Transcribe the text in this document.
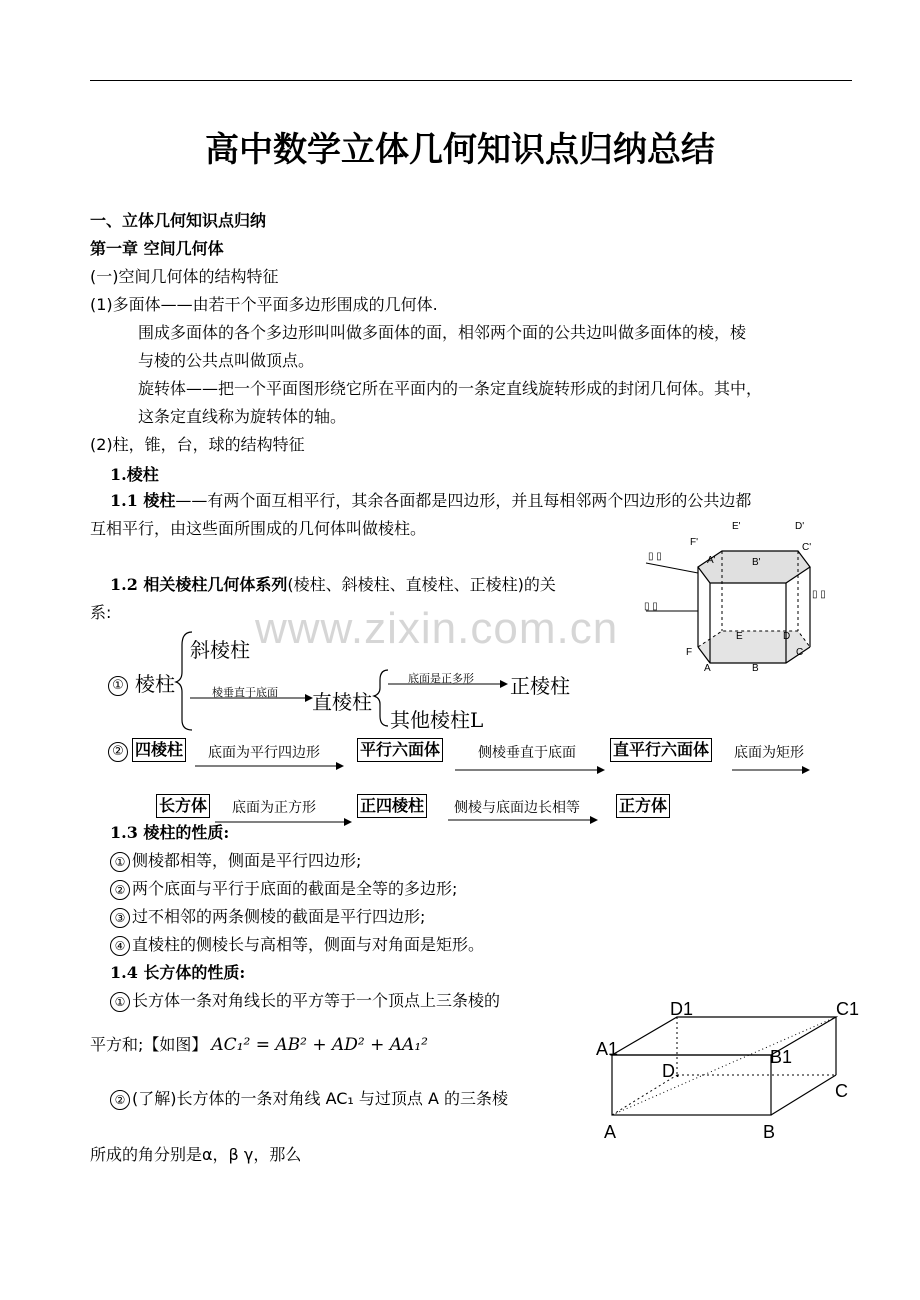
高中数学立体几何知识点归纳总结
一、立体几何知识点归纳
第一章 空间几何体
(一)空间几何体的结构特征
(1)多面体——由若干个平面多边形围成的几何体.
围成多面体的各个多边形叫叫做多面体的面，相邻两个面的公共边叫做多面体的棱，棱
与棱的公共点叫做顶点。
旋转体——把一个平面图形绕它所在平面内的一条定直线旋转形成的封闭几何体。其中，
这条定直线称为旋转体的轴。
(2)柱，锥，台，球的结构特征
1.棱柱
1.1 棱柱——有两个面互相平行，其余各面都是四边形，并且每相邻两个四边形的公共边都
互相平行，由这些面所围成的几何体叫做棱柱。
1.2 相关棱柱几何体系列(棱柱、斜棱柱、直棱柱、正棱柱)的关
系:	www.zixin.com.cn
① 棱柱
斜棱柱
棱垂直于底面 直棱柱
底面是正多形 正棱柱
其他棱柱L
② 四棱柱 底面为平行四边形	平行六面体	侧棱垂直于底面 直平行六面体 底面为矩形
长方体 底面为正方形	正四棱柱 侧棱与底面边长相等 正方体
1.3 棱柱的性质:
① 侧棱都相等，侧面是平行四边形;
② 两个底面与平行于底面的截面是全等的多边形;
③ 过不相邻的两条侧棱的截面是平行四边形;
④ 直棱柱的侧棱长与高相等，侧面与对角面是矩形。
1.4 长方体的性质:
① 长方体一条对角线长的平方等于一个顶点上三条棱的
平方和;【如图】 AC₁² = AB² + AD² + AA₁²
② (了解)长方体的一条对角线 AC₁ 与过顶点 A 的三条棱
所成的角分别是α，β γ，那么
E'	D'
F'	C'
A'	B'
E	D
F	C
A	B
▯ ▯
▯ ▯
▯ ▯
D1	C1
A1	B1
D.
C
A	B
